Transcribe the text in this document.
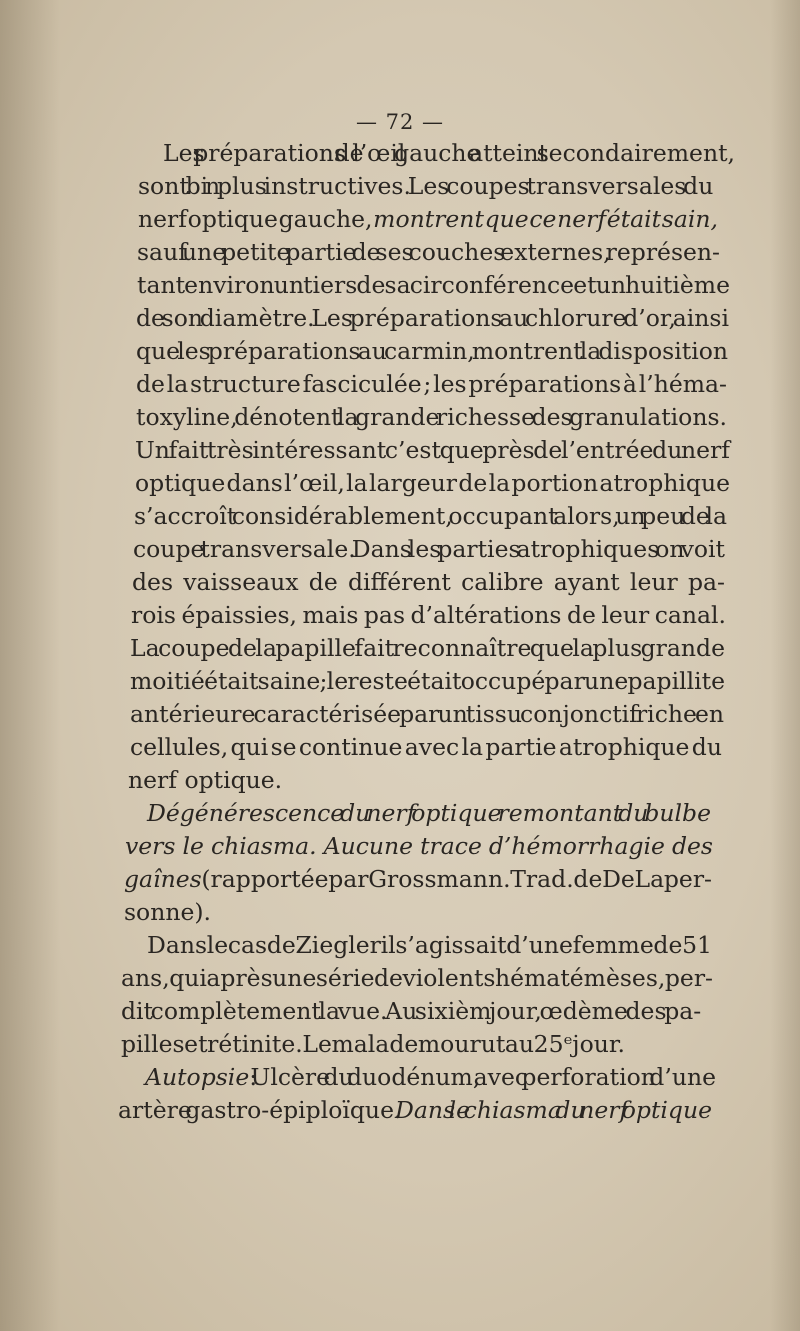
— 72 —
Les préparations de l’œil gauche atteint secondairement,
sont bi n plus instructives. Les coupes transversales du
nerf optique gauche, montrent que ce nerf était sain,
sauf une petite partie de ses couches externes, représen-
tant environ un tiers de sa circonférence et un huitième
de son diamètre. Les préparations au chlorure d’or, ainsi
que les préparations au carmin, montrent la disposition
de la structure fasciculée ; les préparations à l’héma-
toxyline, dénotent la grande richesse des granulations.
Un fait très intéressant c’est que près de l’entrée du nerf
optique dans l’œil, la largeur de la portion atrophique
s’accroît considérablement, occupant alors, un peu de la
coupe transversale. Dans les parties atrophiques on voit
des vaisseaux de différent calibre ayant leur pa-
rois épaissies, mais pas d’altérations de leur canal.
La coupe de la papille fait reconnaître que la plus grande
moitié était saine ; le reste était occupé par une papillite
antérieure caractérisée par un tissu conjonctif riche en
cellules, qui se continue avec la partie atrophique du
nerf optique.
Dégénérescence du nerf optique remontant du bulbe
vers le chiasma. Aucune trace d’hémorrhagie des
gaînes (rapportée par Grossmann. Trad. de De La per-
sonne).
Dans le cas de Ziegler il s’agissait d’une femme de 51
ans, qui après une série de violents hématémèses, per-
dit complètement la vue. Au sixièm jour, œdème des pa-
pilles et rétinite. Le malade mourut au 25ᵉ jour.
Autopsie: Ulcère du duodénum, avec perforation d’une
artère gastro-épiploïque. Dans le chiasma du nerf optique
